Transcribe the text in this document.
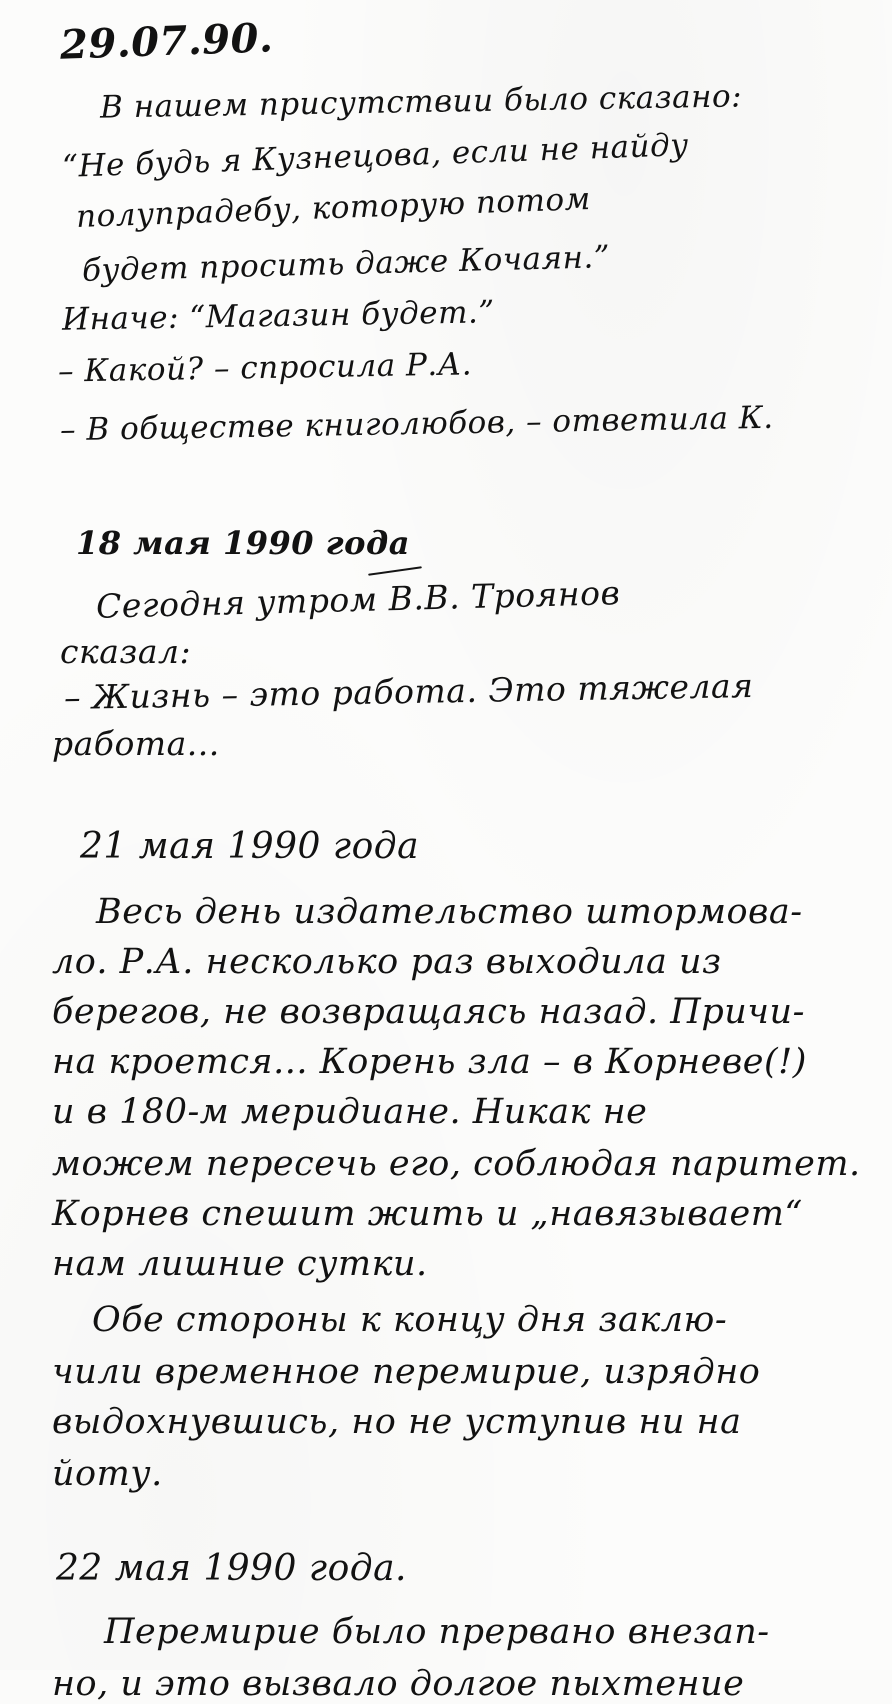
29.07.90.
В нашем присутствии было сказано:
“Не будь я Кузнецова, если не найду
полупрадебу, которую потом
будет просить даже Кочаян.”
Иначе: “Магазин будет.”
– Какой? – спросила Р.А.
– В обществе книголюбов, – ответила К.
18 мая 1990 года
Сегодня утром В.В. Троянов
сказал:
– Жизнь – это работа. Это тяжелая
работа...
21 мая 1990 года
Весь день издательство штормова-
ло. Р.А. несколько раз выходила из
берегов, не возвращаясь назад. Причи-
на кроется... Корень зла – в Корневе(!)
и в 180-м меридиане. Никак не
можем пересечь его, соблюдая паритет.
Корнев спешит жить и „навязывает“
нам лишние сутки.
Обе стороны к концу дня заклю-
чили временное перемирие, изрядно
выдохнувшись, но не уступив ни на
йоту.
22 мая 1990 года.
Перемирие было прервано внезап-
но, и это вызвало долгое пыхтение
